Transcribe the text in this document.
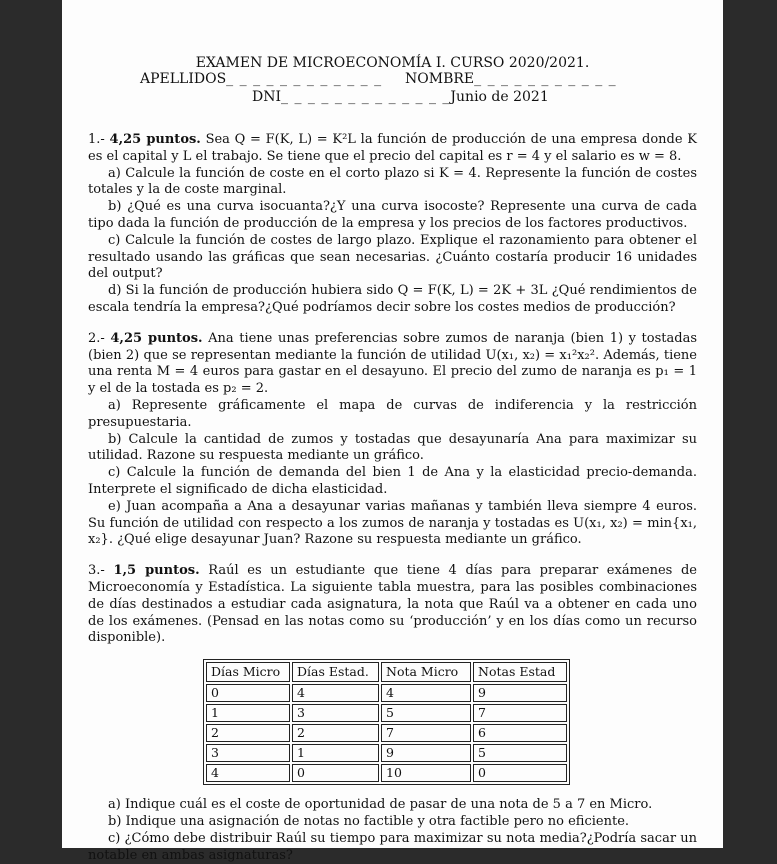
EXAMEN DE MICROECONOMÍA I. CURSO 2020/2021.
APELLIDOS_ _ _ _ _ _ _ _ _ _ _ _ NOMBRE_ _ _ _ _ _ _ _ _ _ _
DNI_ _ _ _ _ _ _ _ _ _ _ _ _Junio de 2021

1.- 4,25 puntos. Sea Q = F(K, L) = K²L la función de producción de una empresa donde K es el capital y L el trabajo. Se tiene que el precio del capital es r = 4 y el salario es w = 8.

a) Calcule la función de coste en el corto plazo si K = 4. Represente la función de costes totales y la de coste marginal.

b) ¿Qué es una curva isocuanta?¿Y una curva isocoste? Represente una curva de cada tipo dada la función de producción de la empresa y los precios de los factores productivos.

c) Calcule la función de costes de largo plazo. Explique el razonamiento para obtener el resultado usando las gráficas que sean necesarias. ¿Cuánto costaría producir 16 unidades del output?

d) Si la función de producción hubiera sido Q = F(K, L) = 2K + 3L ¿Qué rendimientos de escala tendría la empresa?¿Qué podríamos decir sobre los costes medios de producción?

2.- 4,25 puntos. Ana tiene unas preferencias sobre zumos de naranja (bien 1) y tostadas (bien 2) que se representan mediante la función de utilidad U(x₁, x₂) = x₁²x₂². Además, tiene una renta M = 4 euros para gastar en el desayuno. El precio del zumo de naranja es p₁ = 1 y el de la tostada es p₂ = 2.

a) Represente gráficamente el mapa de curvas de indiferencia y la restricción presupuestaria.

b) Calcule la cantidad de zumos y tostadas que desayunaría Ana para maximizar su utilidad. Razone su respuesta mediante un gráfico.

c) Calcule la función de demanda del bien 1 de Ana y la elasticidad precio-demanda. Interprete el significado de dicha elasticidad.

e) Juan acompaña a Ana a desayunar varias mañanas y también lleva siempre 4 euros. Su función de utilidad con respecto a los zumos de naranja y tostadas es U(x₁, x₂) = min{x₁, x₂}. ¿Qué elige desayunar Juan? Razone su respuesta mediante un gráfico.

3.- 1,5 puntos. Raúl es un estudiante que tiene 4 días para preparar exámenes de Microeconomía y Estadística. La siguiente tabla muestra, para las posibles combinaciones de días destinados a estudiar cada asignatura, la nota que Raúl va a obtener en cada uno de los exámenes. (Pensad en las notas como su ‘producción’ y en los días como un recurso disponible).

Días Micro	Días Estad.	Nota Micro	Notas Estad
0	4	4	9
1	3	5	7
2	2	7	6
3	1	9	5
4	0	10	0

a) Indique cuál es el coste de oportunidad de pasar de una nota de 5 a 7 en Micro.

b) Indique una asignación de notas no factible y otra factible pero no eficiente.

c) ¿Cómo debe distribuir Raúl su tiempo para maximizar su nota media?¿Podría sacar un notable en ambas asignaturas?
